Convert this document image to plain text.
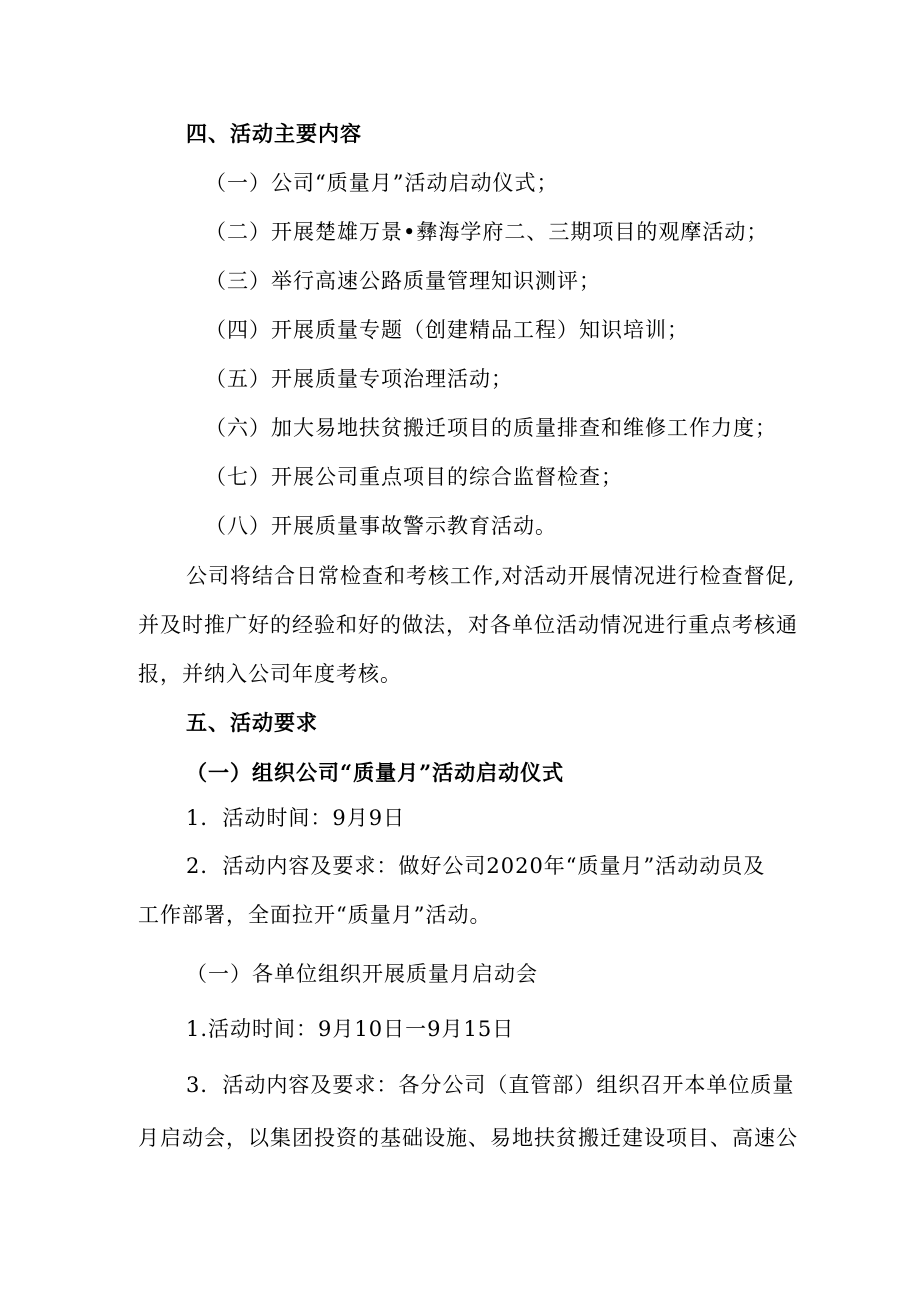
四、活动主要内容
（一）公司“质量月”活动启动仪式；
（二）开展楚雄万景•彝海学府二、三期项目的观摩活动；
（三）举行高速公路质量管理知识测评；
（四）开展质量专题（创建精品工程）知识培训；
（五）开展质量专项治理活动；
（六）加大易地扶贫搬迁项目的质量排查和维修工作力度；
（七）开展公司重点项目的综合监督检查；
（八）开展质量事故警示教育活动。
公司将结合日常检查和考核工作,对活动开展情况进行检查督促,
并及时推广好的经验和好的做法，对各单位活动情况进行重点考核通
报，并纳入公司年度考核。
五、活动要求
（一）组织公司“质量月”活动启动仪式
1．活动时间：9月9日
2．活动内容及要求：做好公司2020年“质量月”活动动员及
工作部署，全面拉开“质量月”活动。
（一）各单位组织开展质量月启动会
1.活动时间：9月10日一9月15日
3．活动内容及要求：各分公司（直管部）组织召开本单位质量
月启动会，以集团投资的基础设施、易地扶贫搬迁建设项目、高速公
